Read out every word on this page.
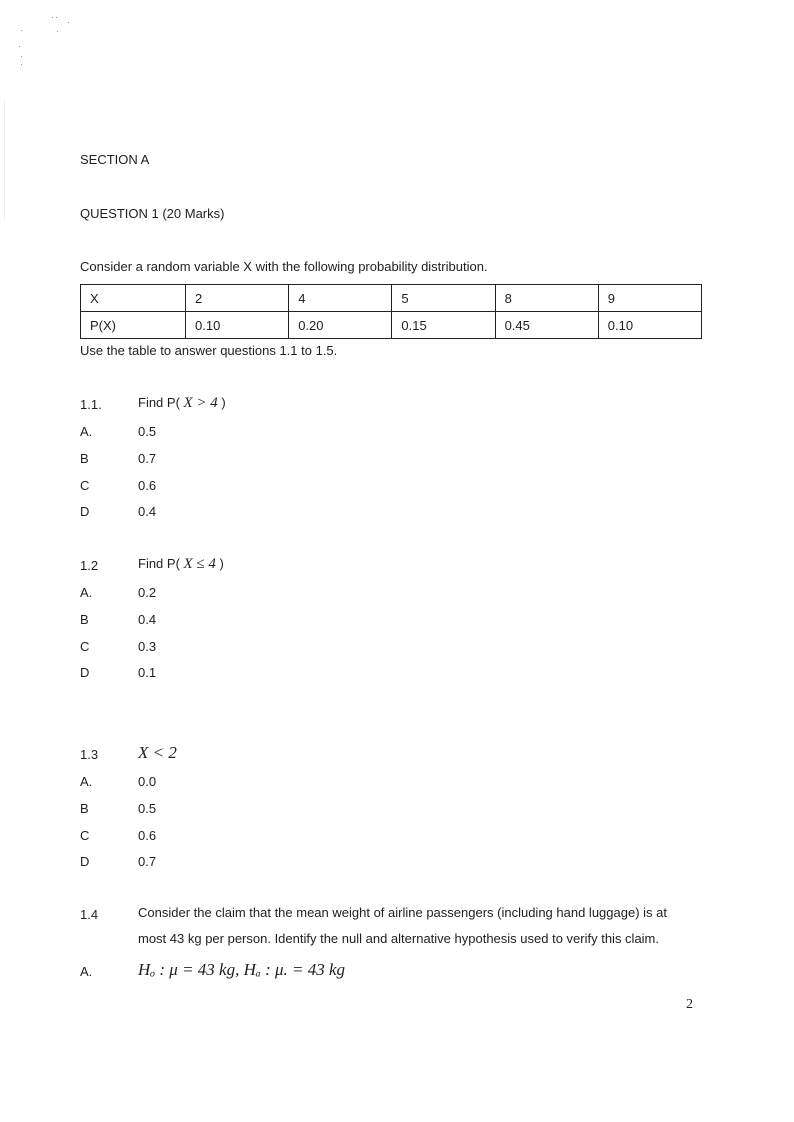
SECTION A
QUESTION 1 (20 Marks)
Consider a random variable X with the following probability distribution.
X	2	4	5	8	9
P(X)	0.10	0.20	0.15	0.45	0.10
Use the table to answer questions 1.1 to 1.5.
1.1.	Find P( X > 4 )
A.	0.5
B	0.7
C	0.6
D	0.4
1.2	Find P( X ≤ 4 )
A.	0.2
B	0.4
C	0.3
D	0.1
1.3 X < 2
A.	0.0
B	0.5
C	0.6
D	0.7
1.4	Consider the claim that the mean weight of airline passengers (including hand luggage) is at
most 43 kg per person. Identify the null and alternative hypothesis used to verify this claim.
A.	Hₒ : μ = 43 kg, Hₐ : μ. = 43 kg
2
